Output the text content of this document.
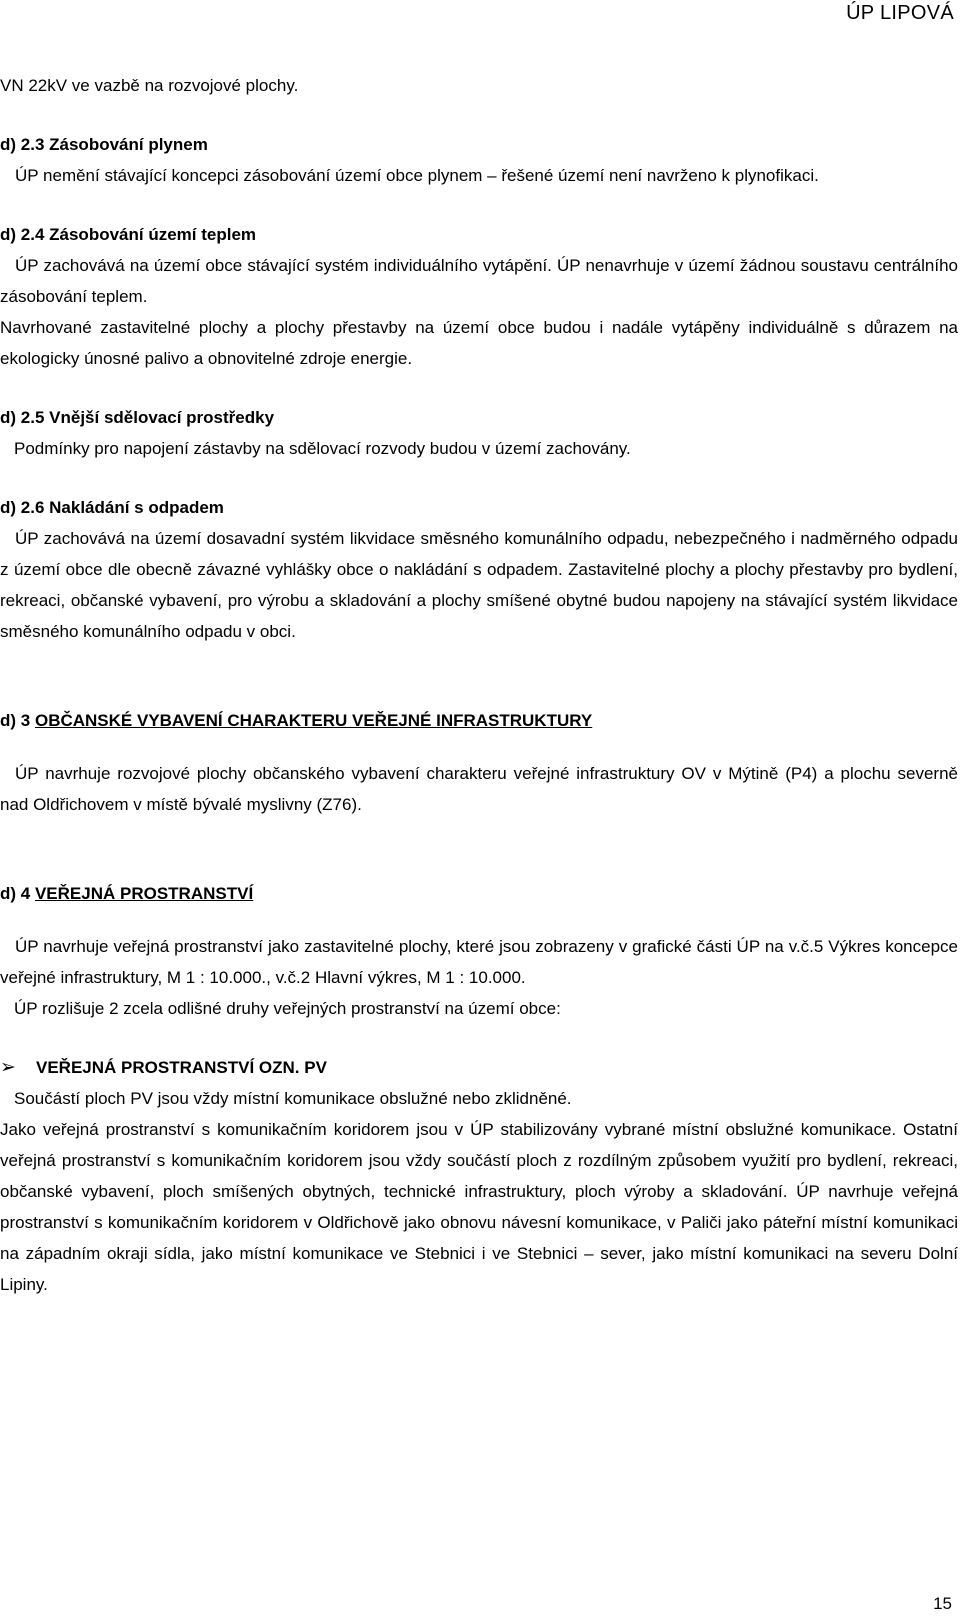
ÚP LIPOVÁ

VN 22kV ve vazbě na rozvojové plochy.

d) 2.3 Zásobování plynem

ÚP nemění stávající koncepci zásobování území obce plynem – řešené území není navrženo k plynofikaci.

d) 2.4 Zásobování území teplem

ÚP zachovává na území obce stávající systém individuálního vytápění. ÚP nenavrhuje v území žádnou soustavu centrálního zásobování teplem.

Navrhované zastavitelné plochy a plochy přestavby na území obce budou i nadále vytápěny individuálně s důrazem na ekologicky únosné palivo a obnovitelné zdroje energie.

d) 2.5 Vnější sdělovací prostředky

Podmínky pro napojení zástavby na sdělovací rozvody budou v území zachovány.

d) 2.6 Nakládání s odpadem

ÚP zachovává na území dosavadní systém likvidace směsného komunálního odpadu, nebezpečného i nadměrného odpadu z území obce dle obecně závazné vyhlášky obce o nakládání s odpadem. Zastavitelné plochy a plochy přestavby pro bydlení, rekreaci, občanské vybavení, pro výrobu a skladování a plochy smíšené obytné budou napojeny na stávající systém likvidace směsného komunálního odpadu v obci.

d) 3 OBČANSKÉ VYBAVENÍ CHARAKTERU VEŘEJNÉ INFRASTRUKTURY

ÚP navrhuje rozvojové plochy občanského vybavení charakteru veřejné infrastruktury OV v Mýtině (P4) a plochu severně nad Oldřichovem v místě bývalé myslivny (Z76).

d) 4 VEŘEJNÁ PROSTRANSTVÍ

ÚP navrhuje veřejná prostranství jako zastavitelné plochy, které jsou zobrazeny v grafické části ÚP na v.č.5 Výkres koncepce veřejné infrastruktury, M 1 : 10.000., v.č.2 Hlavní výkres, M 1 : 10.000.

ÚP rozlišuje 2 zcela odlišné druhy veřejných prostranství na území obce:

➢	VEŘEJNÁ PROSTRANSTVÍ OZN. PV

Součástí ploch PV jsou vždy místní komunikace obslužné nebo zklidněné.

Jako veřejná prostranství s komunikačním koridorem jsou v ÚP stabilizovány vybrané místní obslužné komunikace. Ostatní veřejná prostranství s komunikačním koridorem jsou vždy součástí ploch z rozdílným způsobem využití pro bydlení, rekreaci, občanské vybavení, ploch smíšených obytných, technické infrastruktury, ploch výroby a skladování. ÚP navrhuje veřejná prostranství s komunikačním koridorem v Oldřichově jako obnovu návesní komunikace, v Paliči jako páteřní místní komunikaci na západním okraji sídla, jako místní komunikace ve Stebnici i ve Stebnici – sever, jako místní komunikaci na severu Dolní Lipiny.

15
